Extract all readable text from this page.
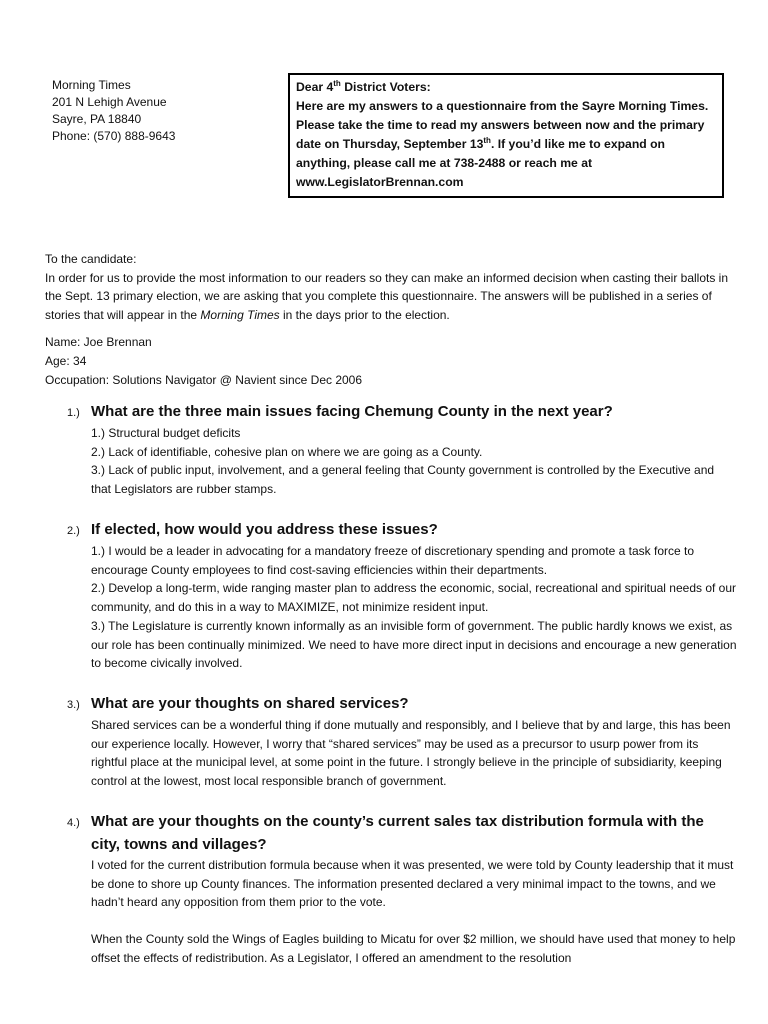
Morning Times
201 N Lehigh Avenue
Sayre, PA 18840
Phone: (570) 888-9643
Dear 4th District Voters:
Here are my answers to a questionnaire from the Sayre Morning Times. Please take the time to read my answers between now and the primary date on Thursday, September 13th. If you’d like me to expand on anything, please call me at 738-2488 or reach me at www.LegislatorBrennan.com

To the candidate:

In order for us to provide the most information to our readers so they can make an informed decision when casting their ballots in the Sept. 13 primary election, we are asking that you complete this questionnaire. The answers will be published in a series of stories that will appear in the Morning Times in the days prior to the election.

Name: Joe Brennan
Age: 34
Occupation: Solutions Navigator @ Navient since Dec 2006
1.) What are the three main issues facing Chemung County in the next year?

1.) Structural budget deficits

2.) Lack of identifiable, cohesive plan on where we are going as a County.

3.) Lack of public input, involvement, and a general feeling that County government is controlled by the Executive and that Legislators are rubber stamps.

2.) If elected, how would you address these issues?

1.) I would be a leader in advocating for a mandatory freeze of discretionary spending and promote a task force to encourage County employees to find cost-saving efficiencies within their departments.

2.) Develop a long-term, wide ranging master plan to address the economic, social, recreational and spiritual needs of our community, and do this in a way to MAXIMIZE, not minimize resident input.

3.) The Legislature is currently known informally as an invisible form of government. The public hardly knows we exist, as our role has been continually minimized. We need to have more direct input in decisions and encourage a new generation to become civically involved.

3.) What are your thoughts on shared services?

Shared services can be a wonderful thing if done mutually and responsibly, and I believe that by and large, this has been our experience locally. However, I worry that “shared services” may be used as a precursor to usurp power from its rightful place at the municipal level, at some point in the future. I strongly believe in the principle of subsidiarity, keeping control at the lowest, most local responsible branch of government.

4.) What are your thoughts on the county’s current sales tax distribution formula with the
city, towns and villages?

I voted for the current distribution formula because when it was presented, we were told by County leadership that it must be done to shore up County finances. The information presented declared a very minimal impact to the towns, and we hadn’t heard any opposition from them prior to the vote.

When the County sold the Wings of Eagles building to Micatu for over $2 million, we should have used that money to help offset the effects of redistribution. As a Legislator, I offered an amendment to the resolution
